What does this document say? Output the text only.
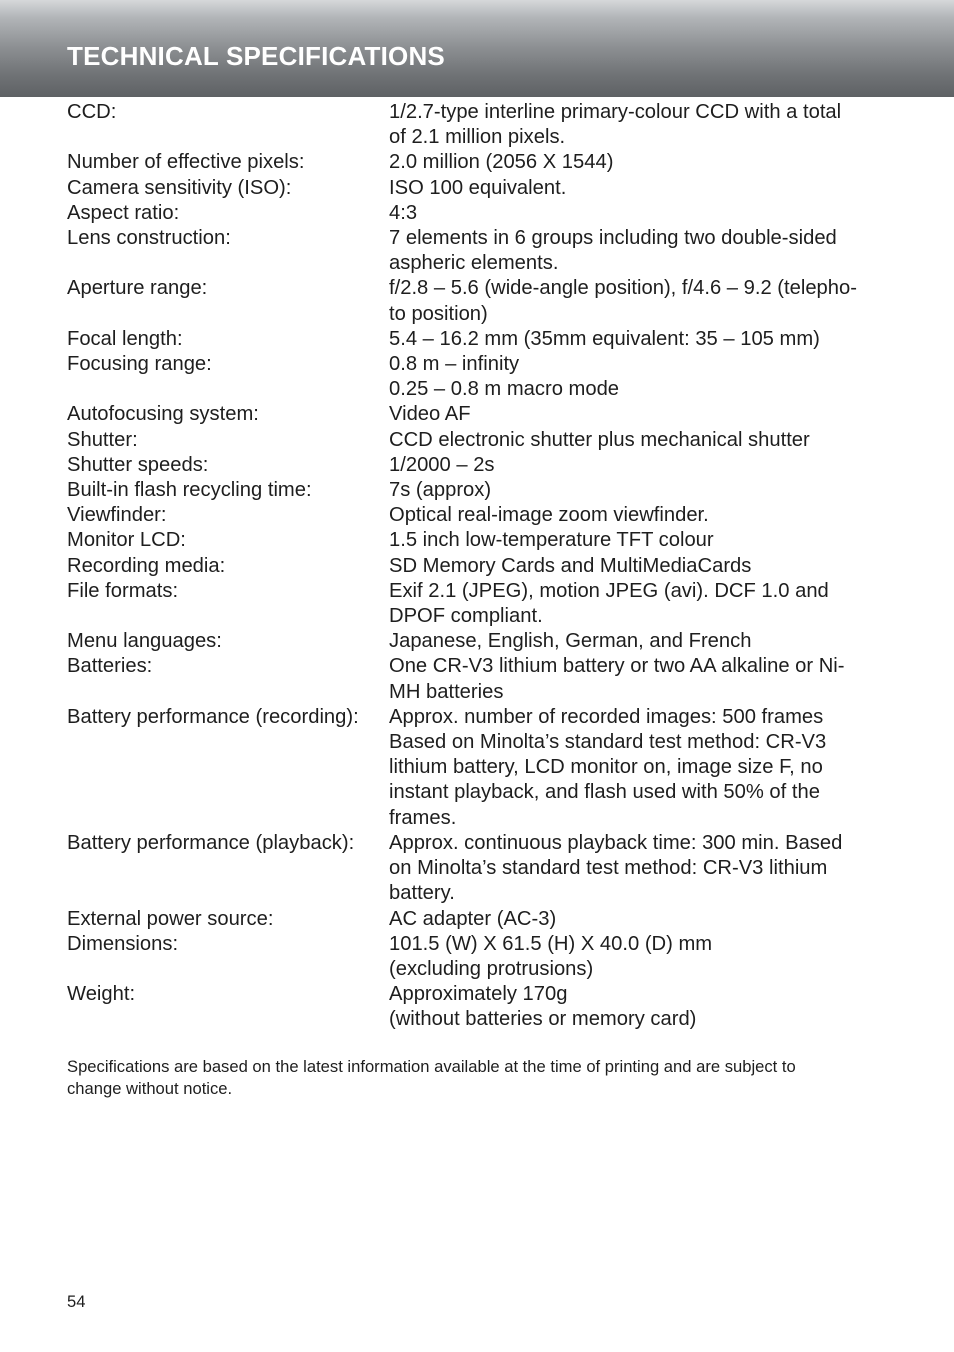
TECHNICAL SPECIFICATIONS
CCD:	1/2.7-type interline primary-colour CCD with a total
of 2.1 million pixels.
Number of effective pixels:	2.0 million (2056 X 1544)
Camera sensitivity (ISO):	ISO 100 equivalent.
Aspect ratio:	4:3
Lens construction:	7 elements in 6 groups including two double-sided
aspheric elements.
Aperture range:	f/2.8 – 5.6 (wide-angle position), f/4.6 – 9.2 (telepho-
to position)
Focal length:	5.4 – 16.2 mm (35mm equivalent: 35 – 105 mm)
Focusing range:	0.8 m – infinity
0.25 – 0.8 m macro mode
Autofocusing system:	Video AF
Shutter:	CCD electronic shutter plus mechanical shutter
Shutter speeds:	1/2000 – 2s
Built-in flash recycling time:	7s (approx)
Viewfinder:	Optical real-image zoom viewfinder.
Monitor LCD:	1.5 inch low-temperature TFT colour
Recording media:	SD Memory Cards and MultiMediaCards
File formats:	Exif 2.1 (JPEG), motion JPEG (avi). DCF 1.0 and
DPOF compliant.
Menu languages:	Japanese, English, German, and French
Batteries:	One CR-V3 lithium battery or two AA alkaline or Ni-
MH batteries
Battery performance (recording):	Approx. number of recorded images: 500 frames
Based on Minolta’s standard test method: CR-V3
lithium battery, LCD monitor on, image size F, no
instant playback, and flash used with 50% of the
frames.
Battery performance (playback):	Approx. continuous playback time: 300 min. Based
on Minolta’s standard test method: CR-V3 lithium
battery.
External power source:	AC adapter (AC-3)
Dimensions:	101.5 (W) X 61.5 (H) X 40.0 (D) mm
(excluding protrusions)
Weight:	Approximately 170g
(without batteries or memory card)
Specifications are based on the latest information available at the time of printing and are subject to
change without notice.
54
